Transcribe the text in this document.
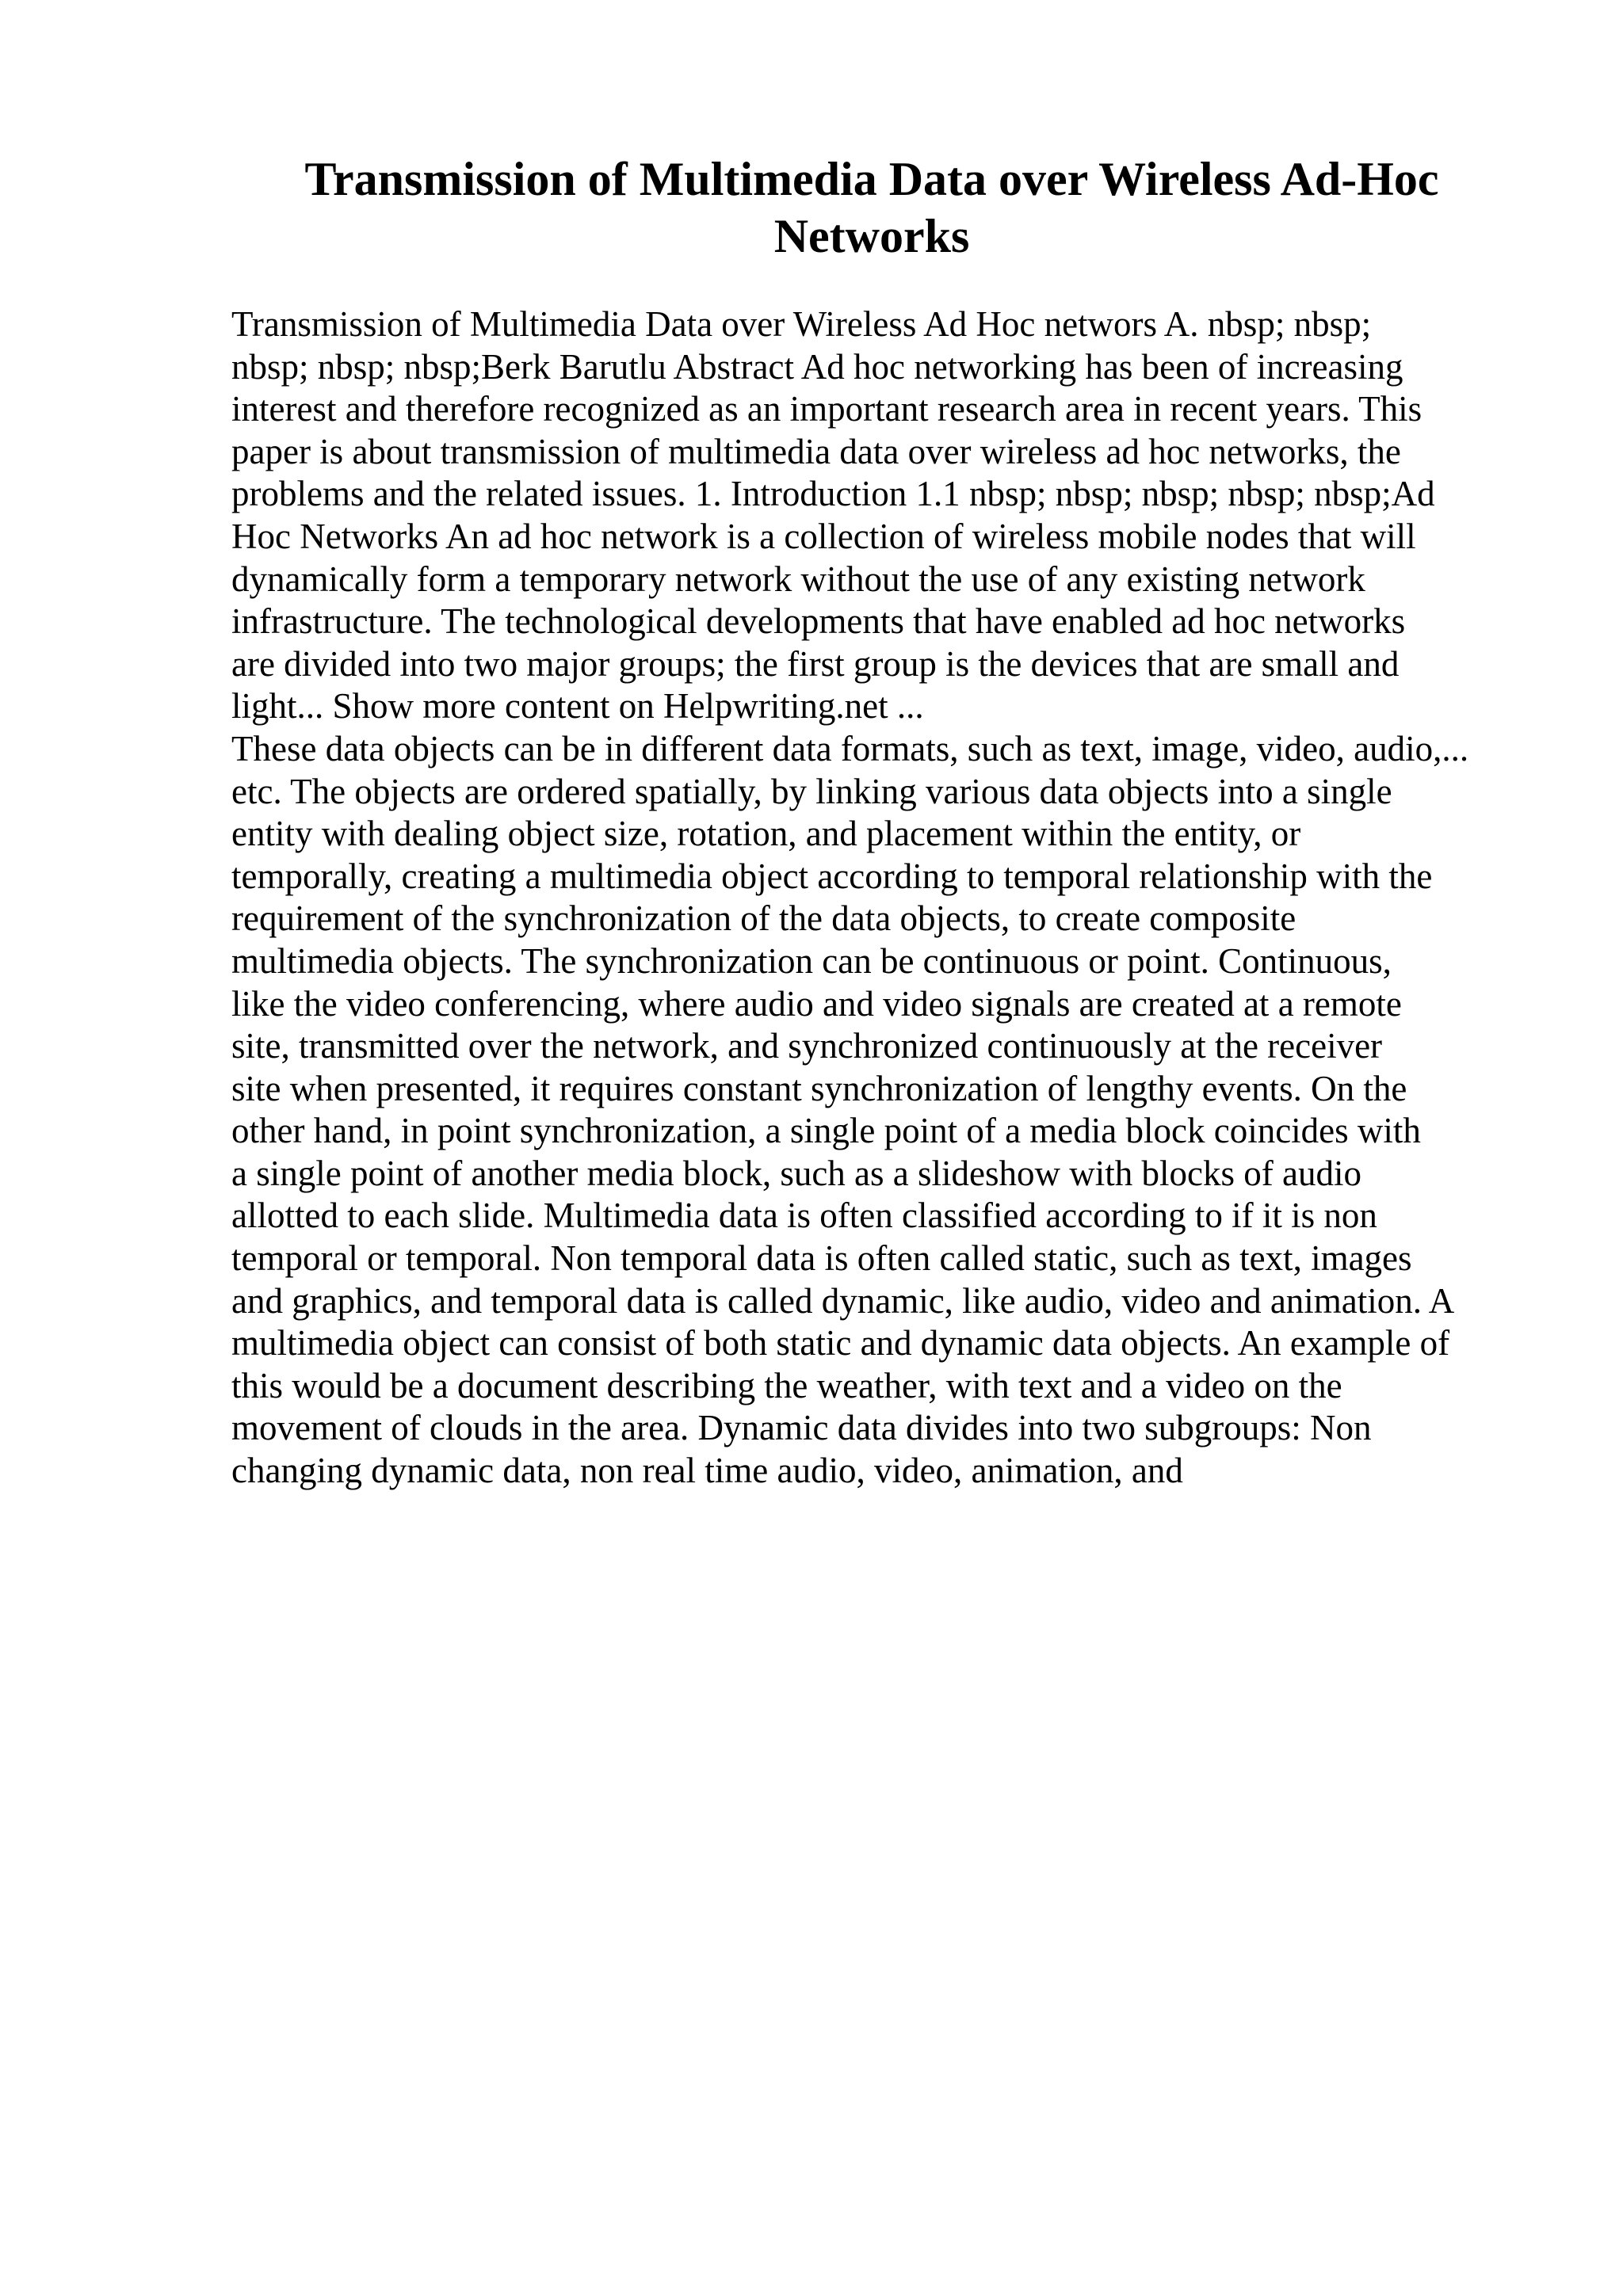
Transmission of Multimedia Data over Wireless Ad-Hoc
Networks
Transmission of Multimedia Data over Wireless Ad Hoc networs A. nbsp; nbsp;
nbsp; nbsp; nbsp;Berk Barutlu Abstract Ad hoc networking has been of increasing
interest and therefore recognized as an important research area in recent years. This
paper is about transmission of multimedia data over wireless ad hoc networks, the
problems and the related issues. 1. Introduction 1.1 nbsp; nbsp; nbsp; nbsp; nbsp;Ad
Hoc Networks An ad hoc network is a collection of wireless mobile nodes that will
dynamically form a temporary network without the use of any existing network
infrastructure. The technological developments that have enabled ad hoc networks
are divided into two major groups; the first group is the devices that are small and
light... Show more content on Helpwriting.net ...
These data objects can be in different data formats, such as text, image, video, audio,...
etc. The objects are ordered spatially, by linking various data objects into a single
entity with dealing object size, rotation, and placement within the entity, or
temporally, creating a multimedia object according to temporal relationship with the
requirement of the synchronization of the data objects, to create composite
multimedia objects. The synchronization can be continuous or point. Continuous,
like the video conferencing, where audio and video signals are created at a remote
site, transmitted over the network, and synchronized continuously at the receiver
site when presented, it requires constant synchronization of lengthy events. On the
other hand, in point synchronization, a single point of a media block coincides with
a single point of another media block, such as a slideshow with blocks of audio
allotted to each slide. Multimedia data is often classified according to if it is non
temporal or temporal. Non temporal data is often called static, such as text, images
and graphics, and temporal data is called dynamic, like audio, video and animation. A
multimedia object can consist of both static and dynamic data objects. An example of
this would be a document describing the weather, with text and a video on the
movement of clouds in the area. Dynamic data divides into two subgroups: Non
changing dynamic data, non real time audio, video, animation, and
